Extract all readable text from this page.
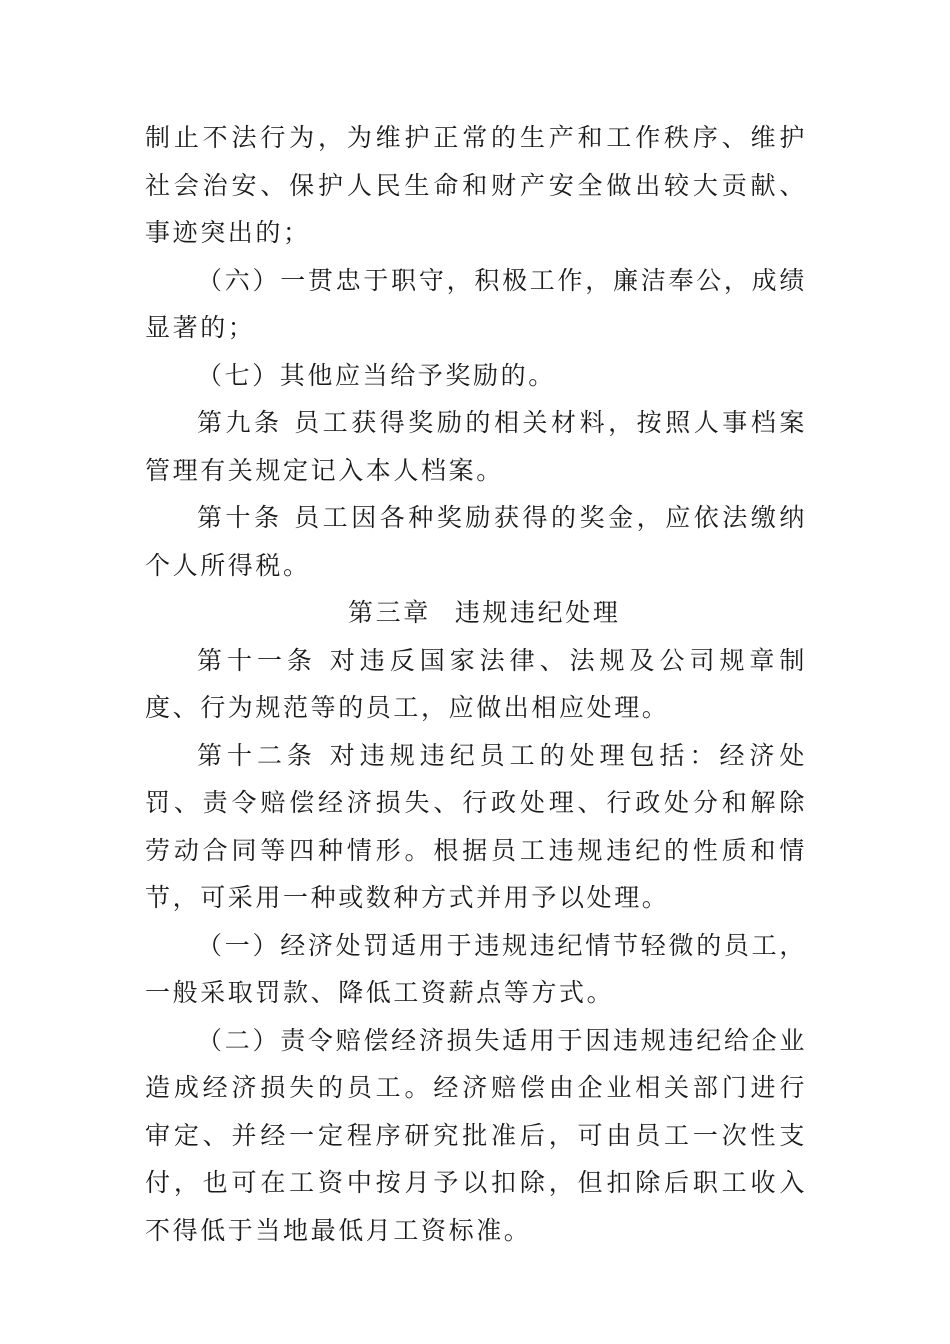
制止不法行为，为维护正常的生产和工作秩序、维护社会治安、保护人民生命和财产安全做出较大贡献、事迹突出的；

（六）一贯忠于职守，积极工作，廉洁奉公，成绩显著的；

（七）其他应当给予奖励的。

第九条 员工获得奖励的相关材料，按照人事档案管理有关规定记入本人档案。

第十条 员工因各种奖励获得的奖金，应依法缴纳个人所得税。

第三章 违规违纪处理

第十一条 对违反国家法律、法规及公司规章制度、行为规范等的员工，应做出相应处理。

第十二条 对违规违纪员工的处理包括：经济处罚、责令赔偿经济损失、行政处理、行政处分和解除劳动合同等四种情形。根据员工违规违纪的性质和情节，可采用一种或数种方式并用予以处理。

（一）经济处罚适用于违规违纪情节轻微的员工，一般采取罚款、降低工资薪点等方式。

（二）责令赔偿经济损失适用于因违规违纪给企业造成经济损失的员工。经济赔偿由企业相关部门进行审定、并经一定程序研究批准后，可由员工一次性支付，也可在工资中按月予以扣除，但扣除后职工收入不得低于当地最低月工资标准。
